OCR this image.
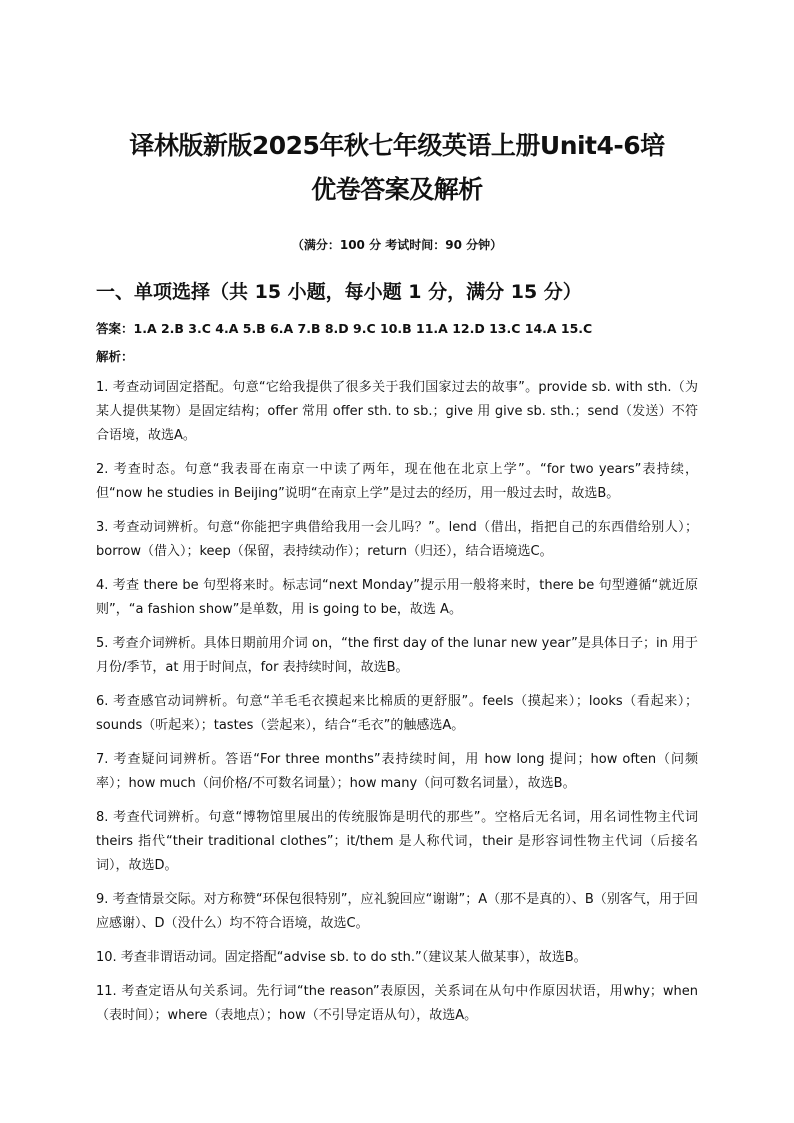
译林版新版2025年秋七年级英语上册Unit4-6培
优卷答案及解析
（满分：100 分 考试时间：90 分钟）
一、单项选择（共 15 小题，每小题 1 分，满分 15 分）
答案：1.A 2.B 3.C 4.A 5.B 6.A 7.B 8.D 9.C 10.B 11.A 12.D 13.C 14.A 15.C
解析：
1. 考查动词固定搭配。句意“它给我提供了很多关于我们国家过去的故事”。provide sb. with sth.（为某人提供某物）是固定结构；offer 常用 offer sth. to sb.；give 用 give sb. sth.；send（发送）不符合语境，故选A。
2. 考查时态。句意“我表哥在南京一中读了两年，现在他在北京上学”。“for two years”表持续，但“now he studies in Beijing”说明“在南京上学”是过去的经历，用一般过去时，故选B。
3. 考查动词辨析。句意“你能把字典借给我用一会儿吗？”。lend（借出，指把自己的东西借给别人）；borrow（借入）；keep（保留，表持续动作）；return（归还），结合语境选C。
4. 考查 there be 句型将来时。标志词“next Monday”提示用一般将来时，there be 句型遵循“就近原则”，“a fashion show”是单数，用 is going to be，故选 A。
5. 考查介词辨析。具体日期前用介词 on，“the first day of the lunar new year”是具体日子；in 用于月份/季节，at 用于时间点，for 表持续时间，故选B。
6. 考查感官动词辨析。句意“羊毛毛衣摸起来比棉质的更舒服”。feels（摸起来）；looks（看起来）；sounds（听起来）；tastes（尝起来），结合“毛衣”的触感选A。
7. 考查疑问词辨析。答语“For three months”表持续时间，用 how long 提问；how often（问频率）；how much（问价格/不可数名词量）；how many（问可数名词量），故选B。
8. 考查代词辨析。句意“博物馆里展出的传统服饰是明代的那些”。空格后无名词，用名词性物主代词 theirs 指代“their traditional clothes”；it/them 是人称代词，their 是形容词性物主代词（后接名词），故选D。
9. 考查情景交际。对方称赞“环保包很特别”，应礼貌回应“谢谢”；A（那不是真的）、B（别客气，用于回应感谢）、D（没什么）均不符合语境，故选C。
10. 考查非谓语动词。固定搭配“advise sb. to do sth.”（建议某人做某事），故选B。
11. 考查定语从句关系词。先行词“the reason”表原因，关系词在从句中作原因状语，用why；when（表时间）；where（表地点）；how（不引导定语从句），故选A。
